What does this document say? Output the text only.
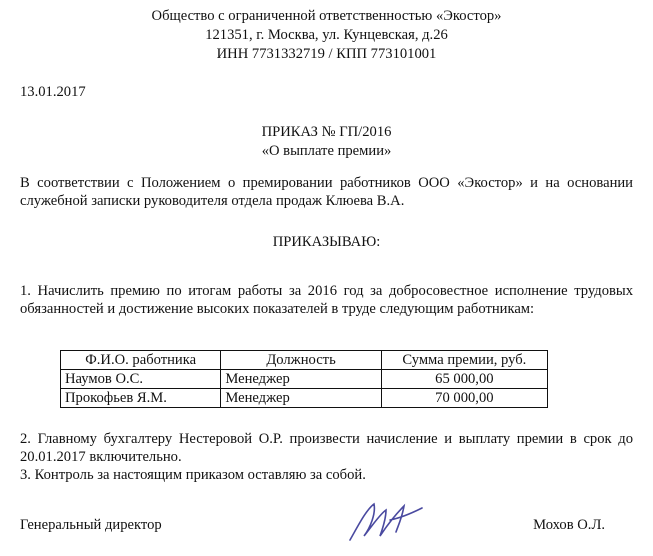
Общество с ограниченной ответственностью «Экостор»
121351, г. Москва, ул. Кунцевская, д.26
ИНН 7731332719 / КПП 773101001
13.01.2017
ПРИКАЗ № ГП/2016
«О выплате премии»
В соответствии с Положением о премировании работников ООО «Экостор» и на основании служебной записки руководителя отдела продаж Клюева В.А.
ПРИКАЗЫВАЮ:
1. Начислить премию по итогам работы за 2016 год за добросовестное исполнение трудовых обязанностей и достижение высоких показателей в труде следующим работникам:
Ф.И.О. работника	Должность	Сумма премии, руб.
Наумов О.С.	Менеджер	65 000,00
Прокофьев Я.М.	Менеджер	70 000,00
2. Главному бухгалтеру Нестеровой О.Р. произвести начисление и выплату премии в срок до 20.01.2017 включительно.
3. Контроль за настоящим приказом оставляю за собой.
Генеральный директор	Мохов О.Л.
